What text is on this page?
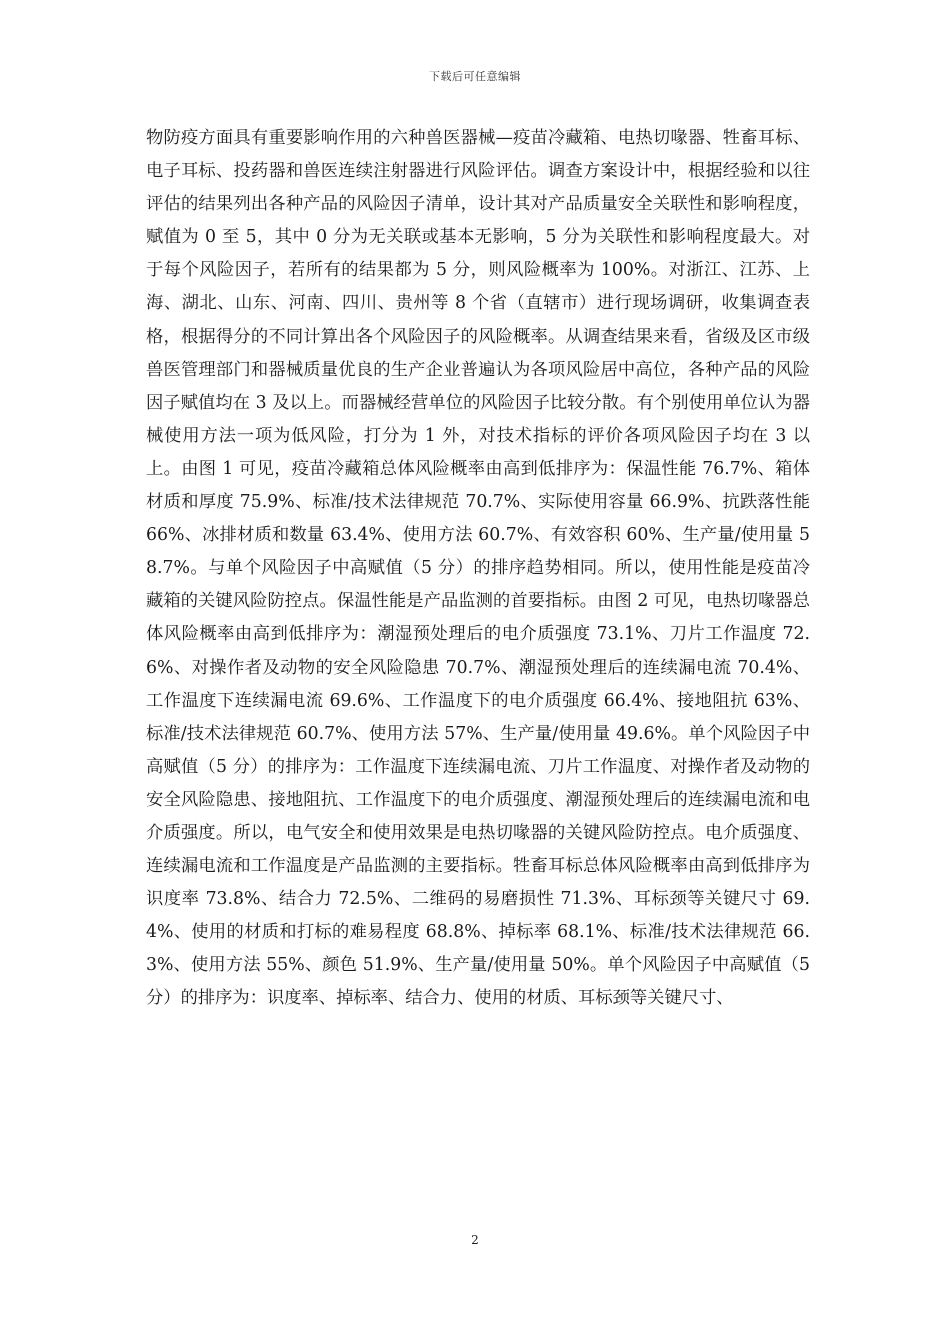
下载后可任意编辑

物防疫方面具有重要影响作用的六种兽医器械—疫苗冷藏箱、电热切喙器、牲畜耳标、电子耳标、投药器和兽医连续注射器进行风险评估。调查方案设计中，根据经验和以往评估的结果列出各种产品的风险因子清单，设计其对产品质量安全关联性和影响程度，赋值为 0 至 5，其中 0 分为无关联或基本无影响，5 分为关联性和影响程度最大。对于每个风险因子，若所有的结果都为 5 分，则风险概率为 100%。对浙江、江苏、上海、湖北、山东、河南、四川、贵州等 8 个省（直辖市）进行现场调研，收集调查表格，根据得分的不同计算出各个风险因子的风险概率。从调查结果来看，省级及区市级兽医管理部门和器械质量优良的生产企业普遍认为各项风险居中高位，各种产品的风险因子赋值均在 3 及以上。而器械经营单位的风险因子比较分散。有个别使用单位认为器械使用方法一项为低风险，打分为 1 外，对技术指标的评价各项风险因子均在 3 以上。由图 1 可见，疫苗冷藏箱总体风险概率由高到低排序为：保温性能 76.7%、箱体材质和厚度 75.9%、标准/技术法律规范 70.7%、实际使用容量 66.9%、抗跌落性能 66%、冰排材质和数量 63.4%、使用方法 60.7%、有效容积 60%、生产量/使用量 58.7%。与单个风险因子中高赋值（5 分）的排序趋势相同。所以，使用性能是疫苗冷藏箱的关键风险防控点。保温性能是产品监测的首要指标。由图 2 可见，电热切喙器总体风险概率由高到低排序为：潮湿预处理后的电介质强度 73.1%、刀片工作温度 72.6%、对操作者及动物的安全风险隐患 70.7%、潮湿预处理后的连续漏电流 70.4%、工作温度下连续漏电流 69.6%、工作温度下的电介质强度 66.4%、接地阻抗 63%、标准/技术法律规范 60.7%、使用方法 57%、生产量/使用量 49.6%。单个风险因子中高赋值（5 分）的排序为：工作温度下连续漏电流、刀片工作温度、对操作者及动物的安全风险隐患、接地阻抗、工作温度下的电介质强度、潮湿预处理后的连续漏电流和电介质强度。所以，电气安全和使用效果是电热切喙器的关键风险防控点。电介质强度、连续漏电流和工作温度是产品监测的主要指标。牲畜耳标总体风险概率由高到低排序为识度率 73.8%、结合力 72.5%、二维码的易磨损性 71.3%、耳标颈等关键尺寸 69.4%、使用的材质和打标的难易程度 68.8%、掉标率 68.1%、标准/技术法律规范 66.3%、使用方法 55%、颜色 51.9%、生产量/使用量 50%。单个风险因子中高赋值（5 分）的排序为：识度率、掉标率、结合力、使用的材质、耳标颈等关键尺寸、

2
